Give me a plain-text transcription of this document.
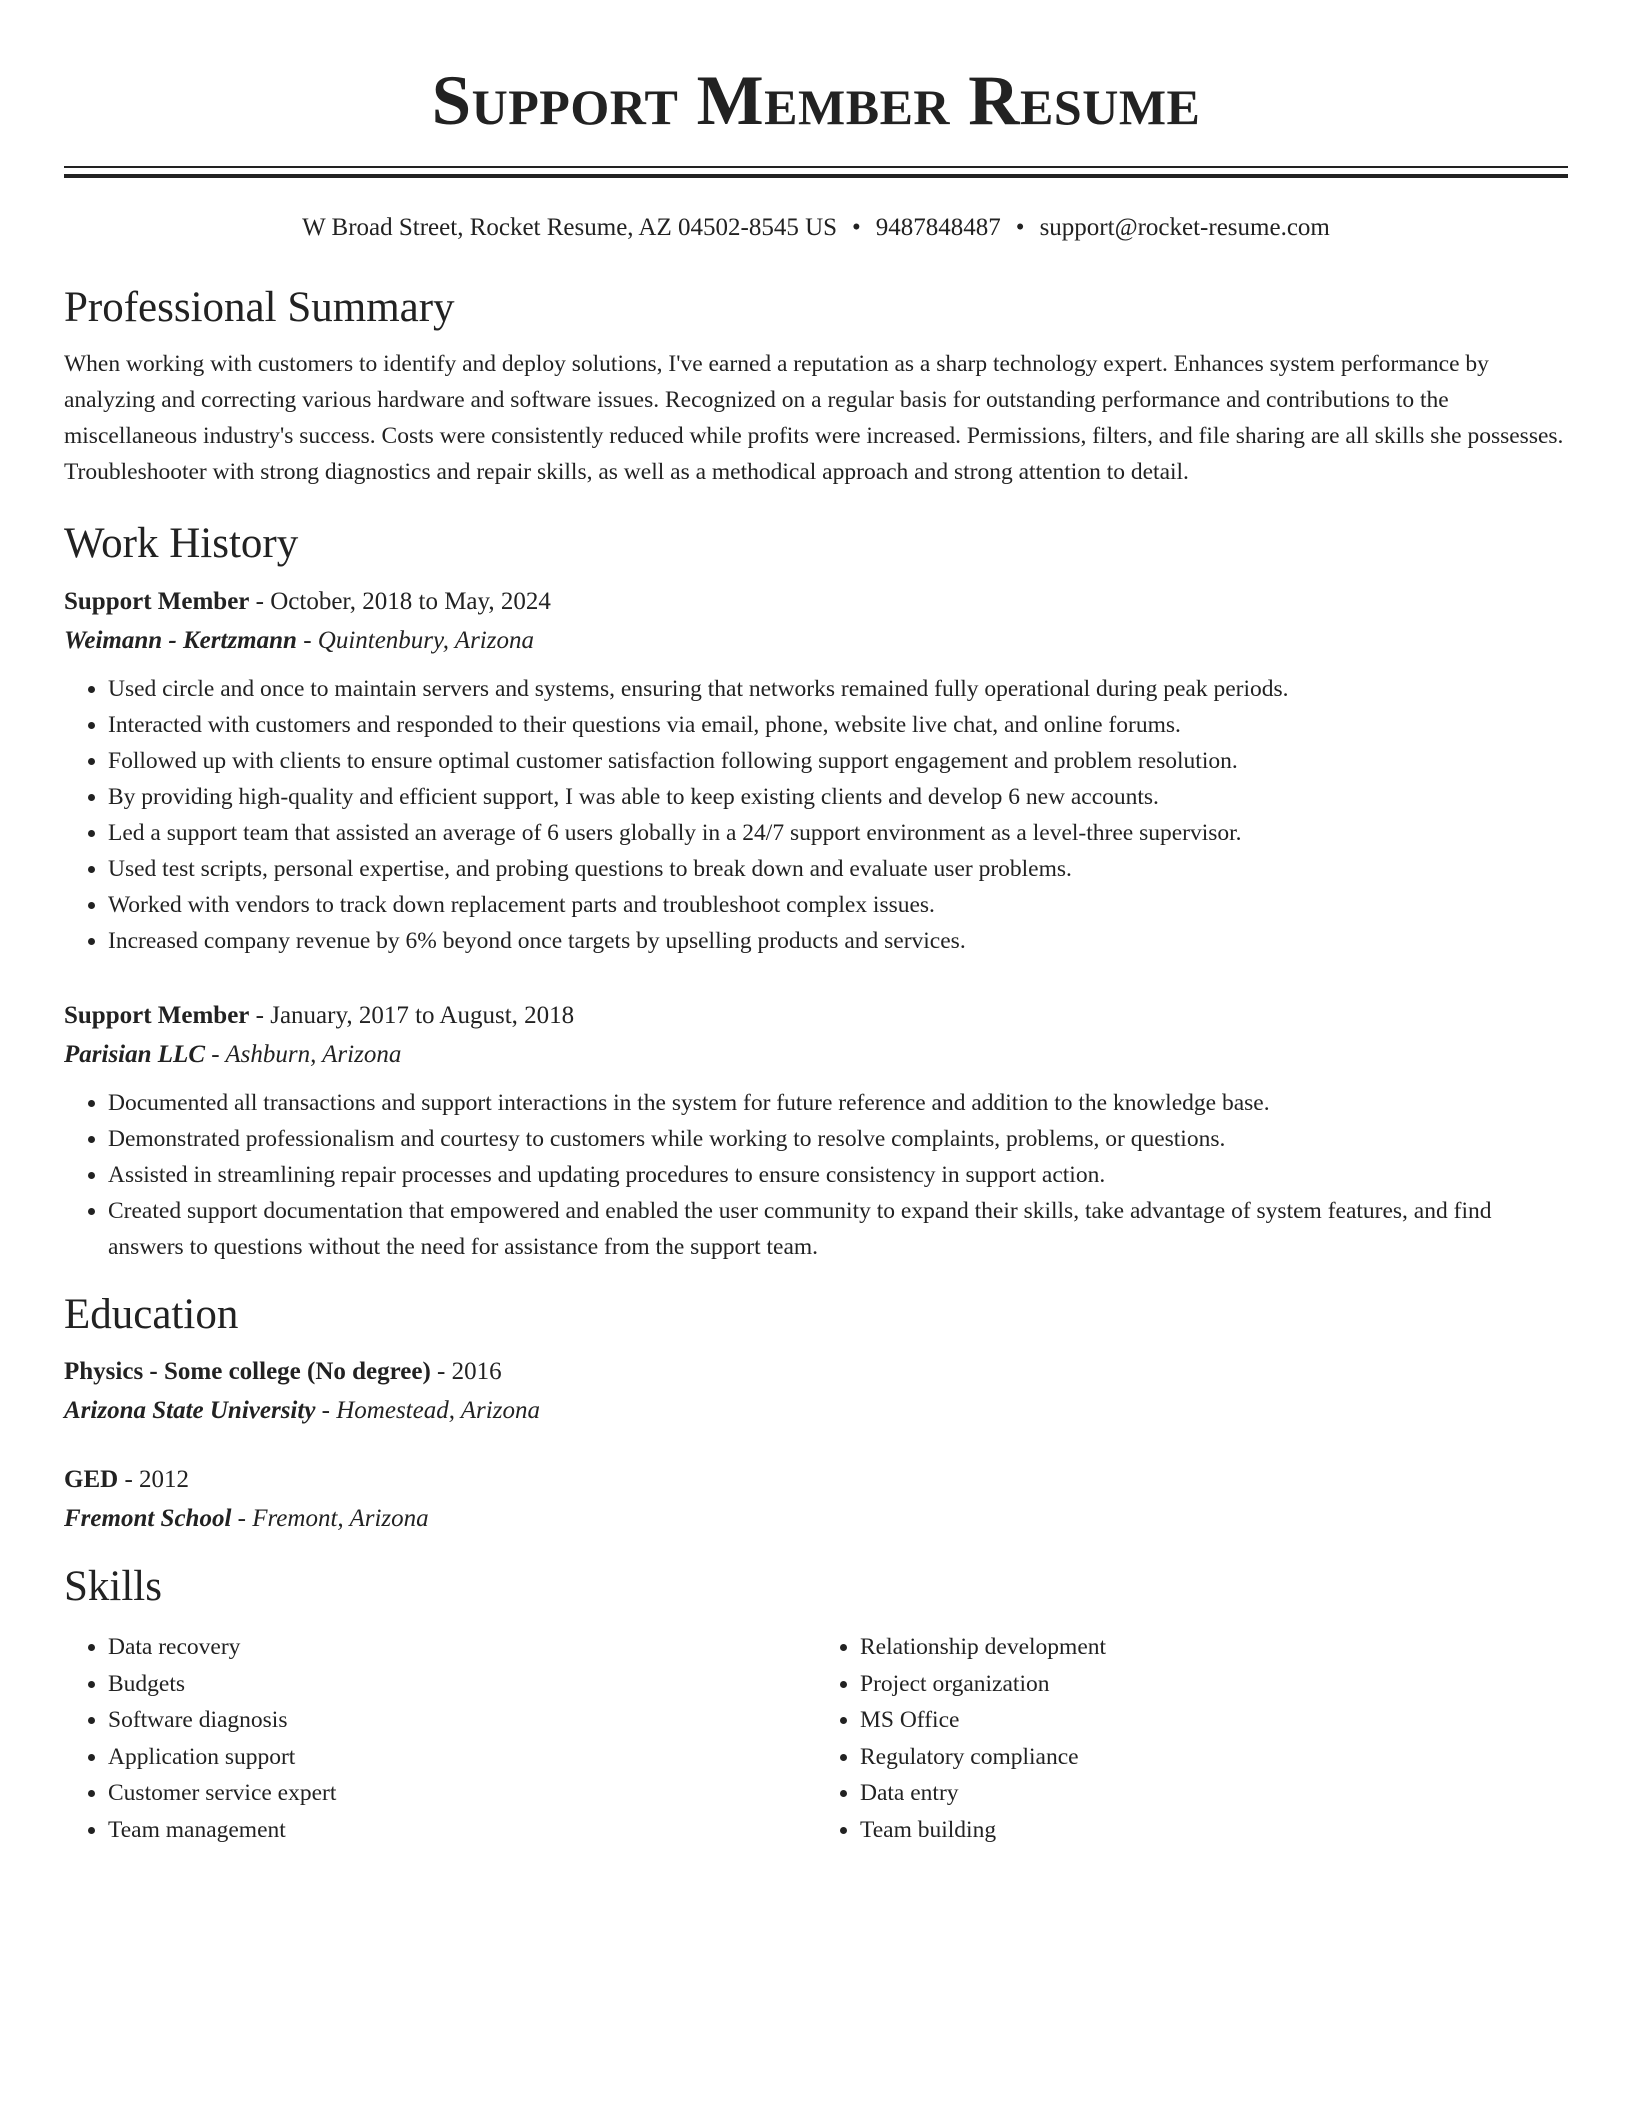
Support Member Resume
W Broad Street, Rocket Resume, AZ 04502-8545 US • 9487848487 • support@rocket-resume.com
Professional Summary

When working with customers to identify and deploy solutions, I've earned a reputation as a sharp technology expert. Enhances system performance by analyzing and correcting various hardware and software issues. Recognized on a regular basis for outstanding performance and contributions to the miscellaneous industry's success. Costs were consistently reduced while profits were increased. Permissions, filters, and file sharing are all skills she possesses. Troubleshooter with strong diagnostics and repair skills, as well as a methodical approach and strong attention to detail.

Work History
Support Member - October, 2018 to May, 2024
Weimann - Kertzmann - Quintenbury, Arizona
• Used circle and once to maintain servers and systems, ensuring that networks remained fully operational during peak periods.
• Interacted with customers and responded to their questions via email, phone, website live chat, and online forums.
• Followed up with clients to ensure optimal customer satisfaction following support engagement and problem resolution.
• By providing high-quality and efficient support, I was able to keep existing clients and develop 6 new accounts.
• Led a support team that assisted an average of 6 users globally in a 24/7 support environment as a level-three supervisor.
• Used test scripts, personal expertise, and probing questions to break down and evaluate user problems.
• Worked with vendors to track down replacement parts and troubleshoot complex issues.
• Increased company revenue by 6% beyond once targets by upselling products and services.
Support Member - January, 2017 to August, 2018
Parisian LLC - Ashburn, Arizona
• Documented all transactions and support interactions in the system for future reference and addition to the knowledge base.
• Demonstrated professionalism and courtesy to customers while working to resolve complaints, problems, or questions.
• Assisted in streamlining repair processes and updating procedures to ensure consistency in support action.
• Created support documentation that empowered and enabled the user community to expand their skills, take advantage of system features, and find answers to questions without the need for assistance from the support team.
Education
Physics - Some college (No degree) - 2016
Arizona State University - Homestead, Arizona
GED - 2012
Fremont School - Fremont, Arizona
Skills
• Data recovery
• Budgets
• Software diagnosis
• Application support
• Customer service expert
• Team management
• Relationship development
• Project organization
• MS Office
• Regulatory compliance
• Data entry
• Team building
